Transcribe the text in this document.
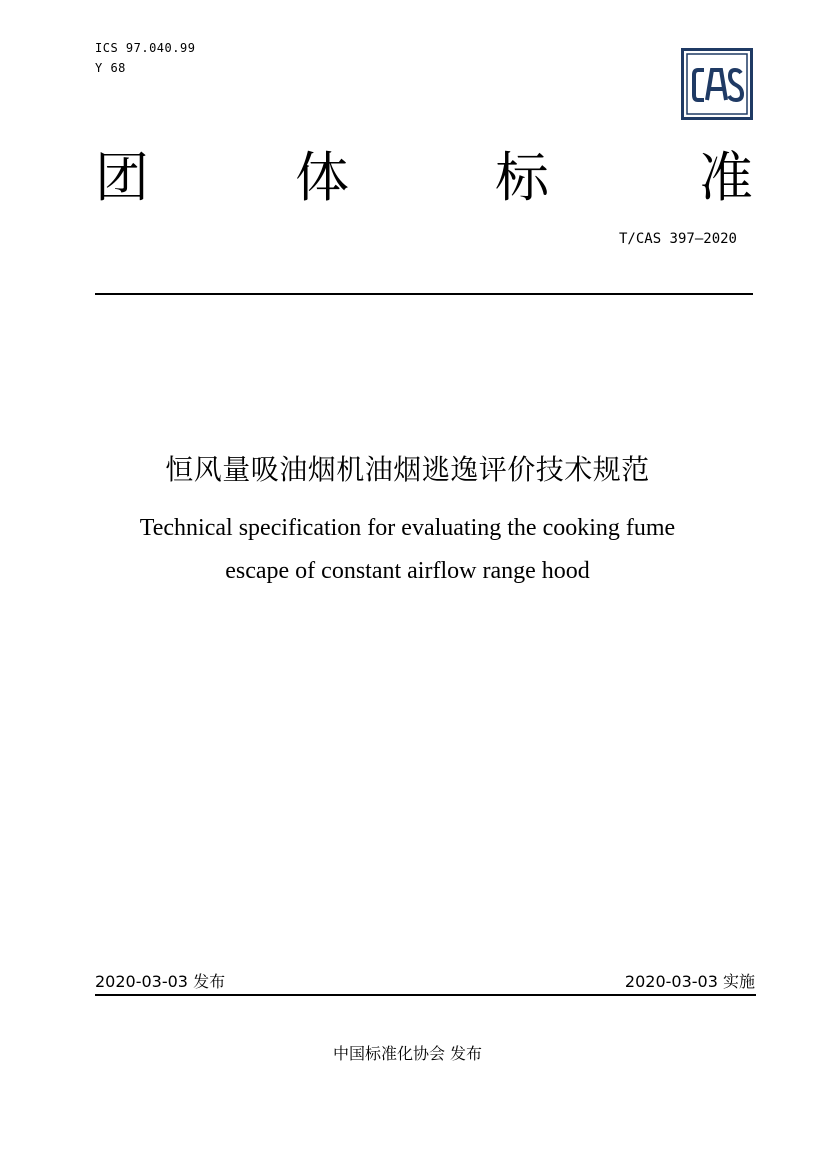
ICS 97.040.99
Y 68
团	体	标	准
T/CAS 397—2020
恒风量吸油烟机油烟逃逸评价技术规范
Technical specification for evaluating the cooking fume
escape of constant airflow range hood
2020-03-03 发布	2020-03-03 实施
中国标准化协会 发布
